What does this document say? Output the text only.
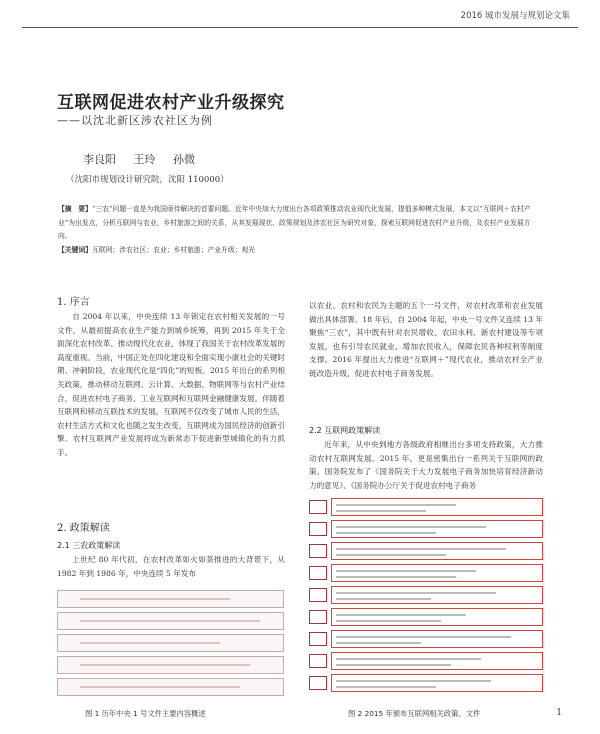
2016 城市发展与规划论文集
互联网促进农村产业升级探究
——以沈北新区涉农社区为例
李良阳 王玲 孙微
（沈阳市规划设计研究院，沈阳 110000）
【摘　要】“三农”问题一直是为我国亟待解决的首要问题。近年中央加大力度出台各项政策推动农业现代化发展，提倡多种模式发展，本文以“互联网＋农村产业”为出发点，分析互联网与农业、乡村旅游之间的关系，从其发展现状、政策规划及涉农社区为研究对象，探索互联网促进农村产业升级，及农村产业发展方向。
【关键词】互联网；涉农社区；农业；乡村旅游；产业升级；观光
1. 序言
自 2004 年以来，中央连续 13 年锁定在农村相关发展的一号文件，从最初提高农业生产能力到城乡统筹，再到 2015 年关于全面深化农村改革、推动现代化农业，体现了我国关于农村改革发展的高度重视。当前，中国正处在四化建设和全面实现小康社会的关键时期、冲刺阶段，农业现代化是“四化”的短板。2015 年出台的系列相关政策，推动移动互联网、云计算、大数据、物联网等与农村产业结合，促进农村电子商务、工业互联网和互联网金融健康发展。伴随着互联网和移动互联技术的发展，互联网不仅改变了城市人民的生活，农村生活方式和文化也随之发生改变，互联网成为国民经济的创新引擎。农村互联网产业发展将成为新常态下促进新型城镇化的有力抓手。
2. 政策解读
2.1 三农政策解读
上世纪 80 年代初，在农村改革如火如荼推进的大背景下，从 1982 年到 1986 年，中央连续 5 年发布
图 1 历年中央 1 号文件主要内容概述
以农业、农村和农民为主题的五个一号文件，对农村改革和农业发展做出具体部署。18 年后，自 2004 年起，中央一号文件又连续 13 年聚焦“三农”，其中既有针对农民增收、农田水利、新农村建设等专项发展，也有引导农民就业、增加农民收入，保障农民各种权利等制度支撑。2016 年提出大力推进“互联网＋”现代农业，推动农村全产业链改造升级，促进农村电子商务发展。
2.2 互联网政策解读
近年来，从中央到地方各级政府相继出台多项支持政策，大力推动农村互联网发展。2015 年，更是密集出台一系列关于互联网的政策。国务院发布了《国务院关于大力发展电子商务加快培育经济新动力的意见》、《国务院办公厅关于促进农村电子商务
图 2 2015 年颁布互联网相关政策、文件	1
